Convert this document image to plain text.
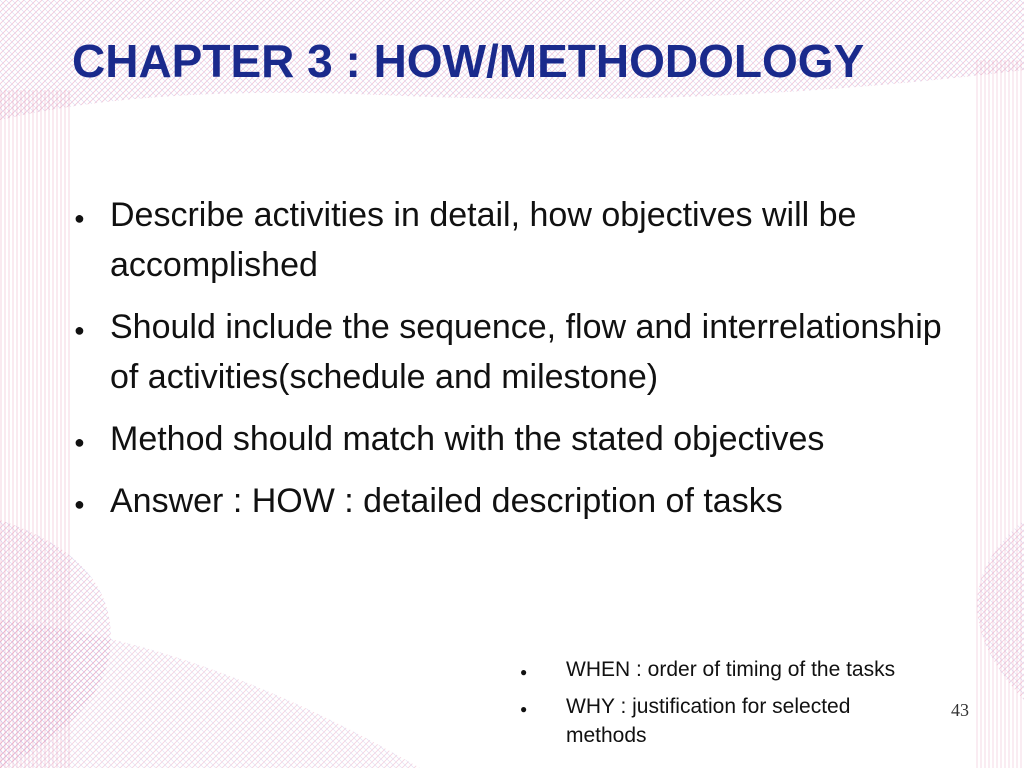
CHAPTER 3 : HOW/METHODOLOGY
● Describe activities in detail, how objectives will be accomplished
● Should include the sequence, flow and interrelationship of activities(schedule and milestone)
● Method should match with the stated objectives
● Answer : HOW : detailed description of tasks
● WHEN : order of timing of the tasks
● WHY : justification for selected methods
43
